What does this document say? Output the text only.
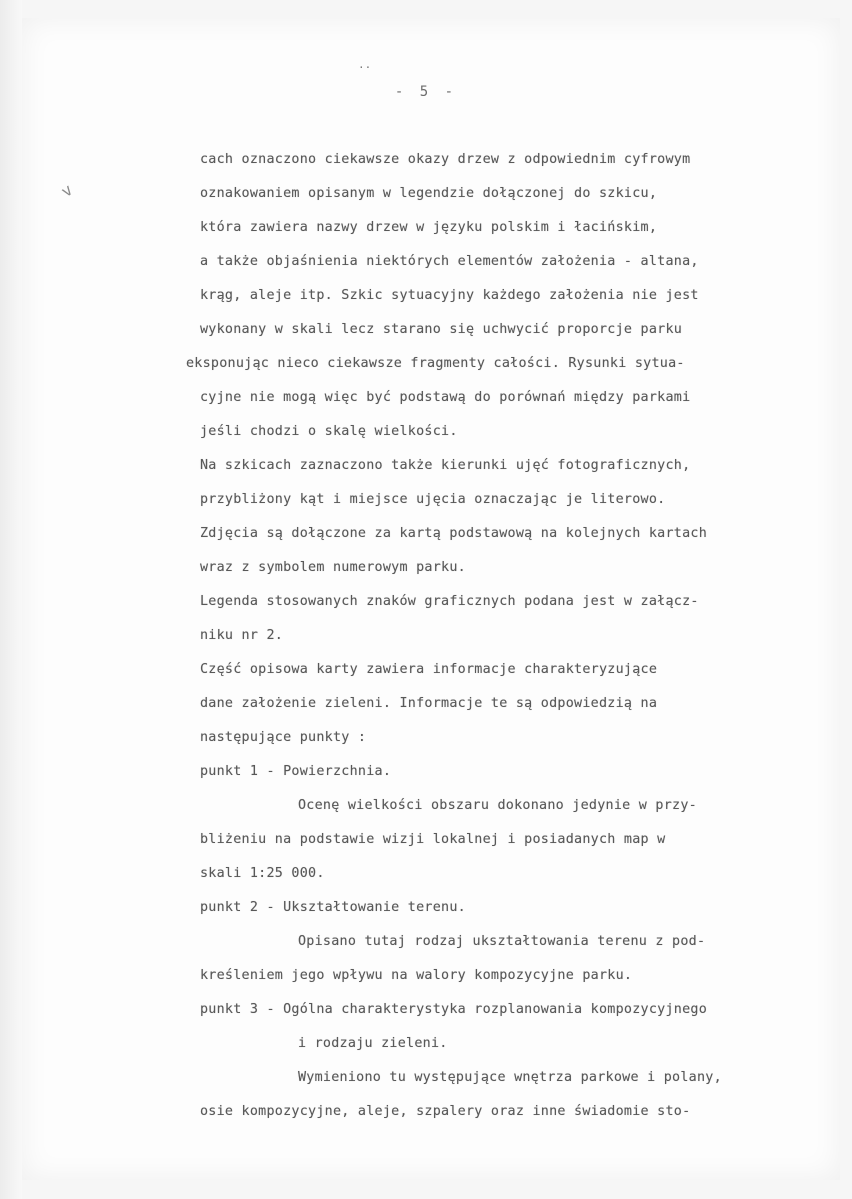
..
- 5 -
v
cach oznaczono ciekawsze okazy drzew z odpowiednim cyfrowym
oznakowaniem opisanym w legendzie dołączonej do szkicu,
która zawiera nazwy drzew w języku polskim i łacińskim,
a także objaśnienia niektórych elementów założenia - altana,
krąg, aleje itp. Szkic sytuacyjny każdego założenia nie jest
wykonany w skali lecz starano się uchwycić proporcje parku
eksponując nieco ciekawsze fragmenty całości. Rysunki sytua-
cyjne nie mogą więc być podstawą do porównań między parkami
jeśli chodzi o skalę wielkości.
Na szkicach zaznaczono także kierunki ujęć fotograficznych,
przybliżony kąt i miejsce ujęcia oznaczając je literowo.
Zdjęcia są dołączone za kartą podstawową na kolejnych kartach
wraz z symbolem numerowym parku.
Legenda stosowanych znaków graficznych podana jest w załącz-
niku nr 2.
Część opisowa karty zawiera informacje charakteryzujące
dane założenie zieleni. Informacje te są odpowiedzią na
następujące punkty :
punkt 1 - Powierzchnia.
Ocenę wielkości obszaru dokonano jedynie w przy-
bliżeniu na podstawie wizji lokalnej i posiadanych map w
skali 1:25 000.
punkt 2 - Ukształtowanie terenu.
Opisano tutaj rodzaj ukształtowania terenu z pod-
kreśleniem jego wpływu na walory kompozycyjne parku.
punkt 3 - Ogólna charakterystyka rozplanowania kompozycyjnego
i rodzaju zieleni.
Wymieniono tu występujące wnętrza parkowe i polany,
osie kompozycyjne, aleje, szpalery oraz inne świadomie sto-
